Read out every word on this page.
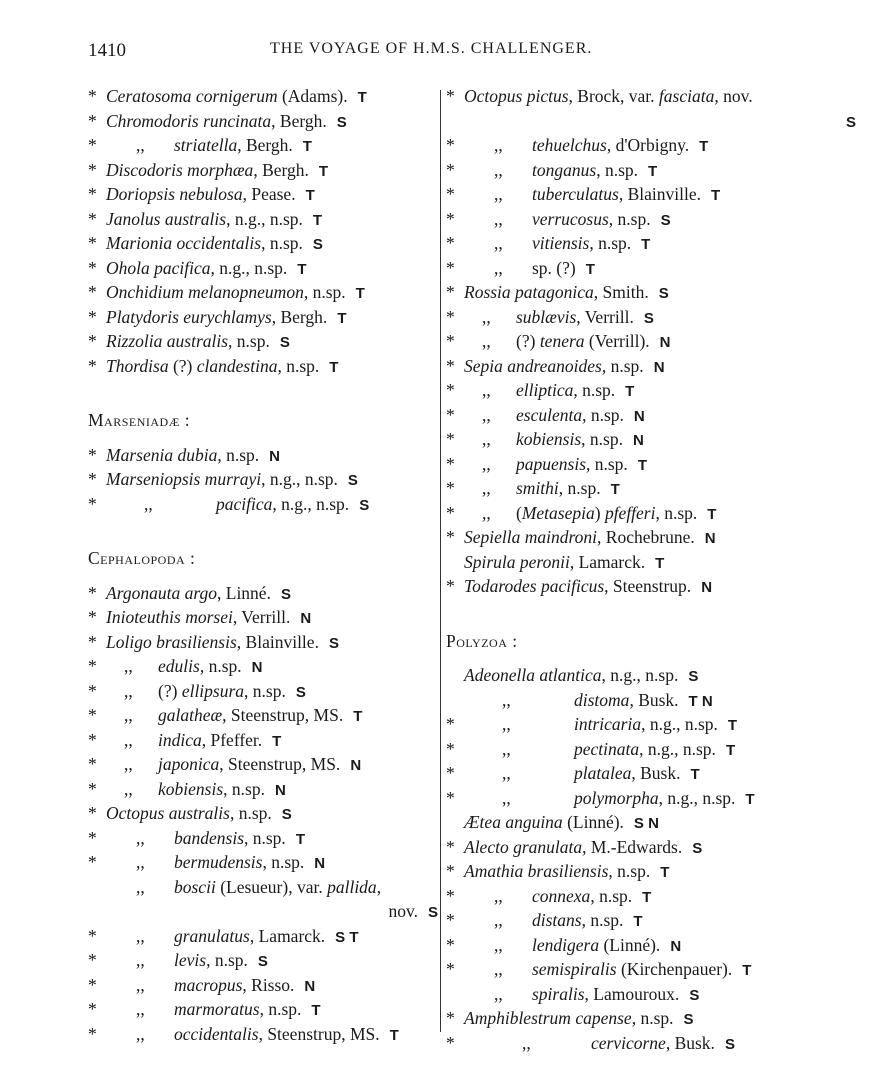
1410	THE VOYAGE OF H.M.S. CHALLENGER.
* Ceratosoma cornigerum (Adams). T
* Chromodoris runcinata, Bergh. S
* ,, striatella, Bergh. T
* Discodoris morphæa, Bergh. T
* Doriopsis nebulosa, Pease. T
* Janolus australis, n.g., n.sp. T
* Marionia occidentalis, n.sp. S
* Ohola pacifica, n.g., n.sp. T
* Onchidium melanopneumon, n.sp. T
* Platydoris eurychlamys, Bergh. T
* Rizzolia australis, n.sp. S
* Thordisa (?) clandestina, n.sp. T
Marseniadæ :
* Marsenia dubia, n.sp. N
* Marseniopsis murrayi, n.g., n.sp. S
*	,,	pacifica, n.g., n.sp. S
Cephalopoda :
* Argonauta argo, Linné. S
* Inioteuthis morsei, Verrill. N
* Loligo brasiliensis, Blainville. S
* ,, edulis, n.sp. N
* ,, (?) ellipsura, n.sp. S
* ,, galatheæ, Steenstrup, MS. T
* ,, indica, Pfeffer. T
* ,, japonica, Steenstrup, MS. N
* ,, kobiensis, n.sp. N
* Octopus australis, n.sp. S
* ,, bandensis, n.sp. T
* ,, bermudensis, n.sp. N
,, boscii (Lesueur), var. pallida,
nov. S
* ,, granulatus, Lamarck. S T
* ,, levis, n.sp. S
* ,, macropus, Risso. N
* ,, marmoratus, n.sp. T
* ,, occidentalis, Steenstrup, MS. T
* Octopus pictus, Brock, var. fasciata, nov.
S
* ,, tehuelchus, d'Orbigny. T
* ,, tonganus, n.sp. T
* ,, tuberculatus, Blainville. T
* ,, verrucosus, n.sp. S
* ,, vitiensis, n.sp. T
* ,, sp. (?) T
* Rossia patagonica, Smith. S
* ,, sublævis, Verrill. S
* ,, (?) tenera (Verrill). N
* Sepia andreanoides, n.sp. N
* ,, elliptica, n.sp. T
* ,, esculenta, n.sp. N
* ,, kobiensis, n.sp. N
* ,, papuensis, n.sp. T
* ,, smithi, n.sp. T
* ,, (Metasepia) pfefferi, n.sp. T
* Sepiella maindroni, Rochebrune. N
Spirula peronii, Lamarck. T
* Todarodes pacificus, Steenstrup. N
Polyzoa :
Adeonella atlantica, n.g., n.sp. S
,,	distoma, Busk. T N
*	,,	intricaria, n.g., n.sp. T
*	,,	pectinata, n.g., n.sp. T
*	,,	platalea, Busk. T
*	,,	polymorpha, n.g., n.sp. T
Ætea anguina (Linné). S N
* Alecto granulata, M.-Edwards. S
* Amathia brasiliensis, n.sp. T
* ,, connexa, n.sp. T
* ,, distans, n.sp. T
* ,, lendigera (Linné). N
* ,, semispiralis (Kirchenpauer). T
,, spiralis, Lamouroux. S
* Amphiblestrum capense, n.sp. S
*	,,	cervicorne, Busk. S
